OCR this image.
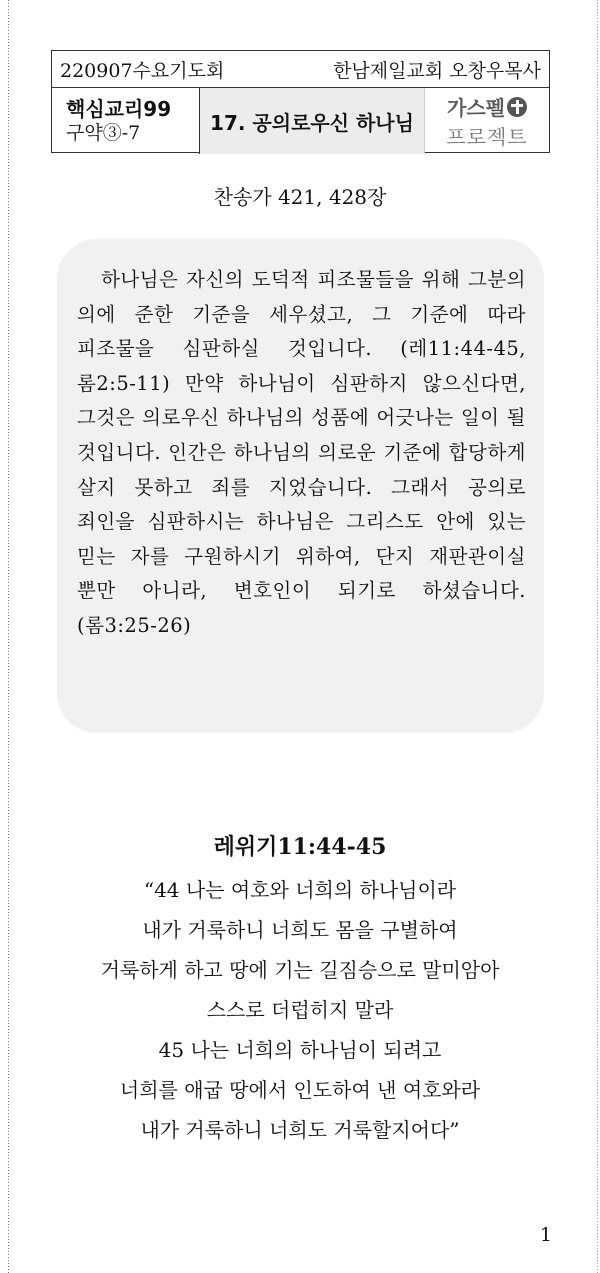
220907수요기도회	한남제일교회 오창우목사
핵심교리99
구약③-7	17. 공의로우신 하나님
가스펠
프로젝트
찬송가 421, 428장
하나님은 자신의 도덕적 피조물들을 위해 그분의 의에 준한 기준을 세우셨고, 그 기준에 따라 피조물을 심판하실 것입니다. (레11:44-45, 롬2:5-11) 만약 하나님이 심판하지 않으신다면, 그것은 의로우신 하나님의 성품에 어긋나는 일이 될 것입니다. 인간은 하나님의 의로운 기준에 합당하게 살지 못하고 죄를 지었습니다. 그래서 공의로 죄인을 심판하시는 하나님은 그리스도 안에 있는 믿는 자를 구원하시기 위하여, 단지 재판관이실 뿐만 아니라, 변호인이 되기로 하셨습니다.(롬3:25-26)
레위기11:44-45
“44 나는 여호와 너희의 하나님이라
내가 거룩하니 너희도 몸을 구별하여
거룩하게 하고 땅에 기는 길짐승으로 말미암아
스스로 더럽히지 말라
45 나는 너희의 하나님이 되려고
너희를 애굽 땅에서 인도하여 낸 여호와라
내가 거룩하니 너희도 거룩할지어다”
1
